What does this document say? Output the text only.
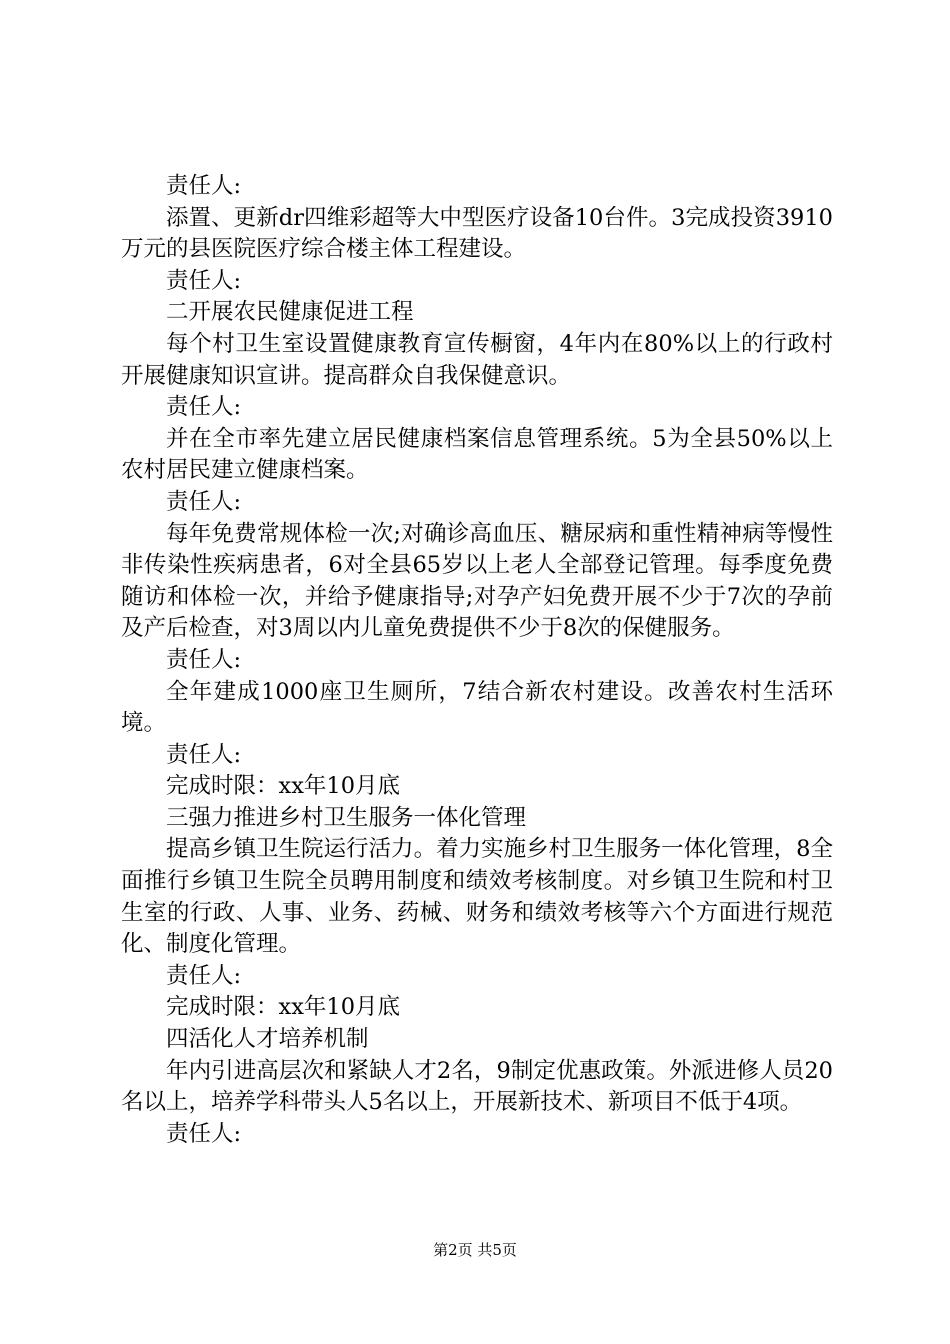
责任人:

添置、更新dr四维彩超等大中型医疗设备10台件。3完成投资3910万元的县医院医疗综合楼主体工程建设。

责任人:

二开展农民健康促进工程

每个村卫生室设置健康教育宣传橱窗，4年内在80%以上的行政村开展健康知识宣讲。提高群众自我保健意识。

责任人:

并在全市率先建立居民健康档案信息管理系统。5为全县50%以上农村居民建立健康档案。

责任人:

每年免费常规体检一次;对确诊高血压、糖尿病和重性精神病等慢性非传染性疾病患者，6对全县65岁以上老人全部登记管理。每季度免费随访和体检一次，并给予健康指导;对孕产妇免费开展不少于7次的孕前及产后检查，对3周以内儿童免费提供不少于8次的保健服务。

责任人:

全年建成1000座卫生厕所，7结合新农村建设。改善农村生活环境。

责任人:

完成时限：xx年10月底

三强力推进乡村卫生服务一体化管理

提高乡镇卫生院运行活力。着力实施乡村卫生服务一体化管理，8全面推行乡镇卫生院全员聘用制度和绩效考核制度。对乡镇卫生院和村卫生室的行政、人事、业务、药械、财务和绩效考核等六个方面进行规范化、制度化管理。

责任人:

完成时限：xx年10月底

四活化人才培养机制

年内引进高层次和紧缺人才2名，9制定优惠政策。外派进修人员20名以上，培养学科带头人5名以上，开展新技术、新项目不低于4项。

责任人:

第2页 共5页
